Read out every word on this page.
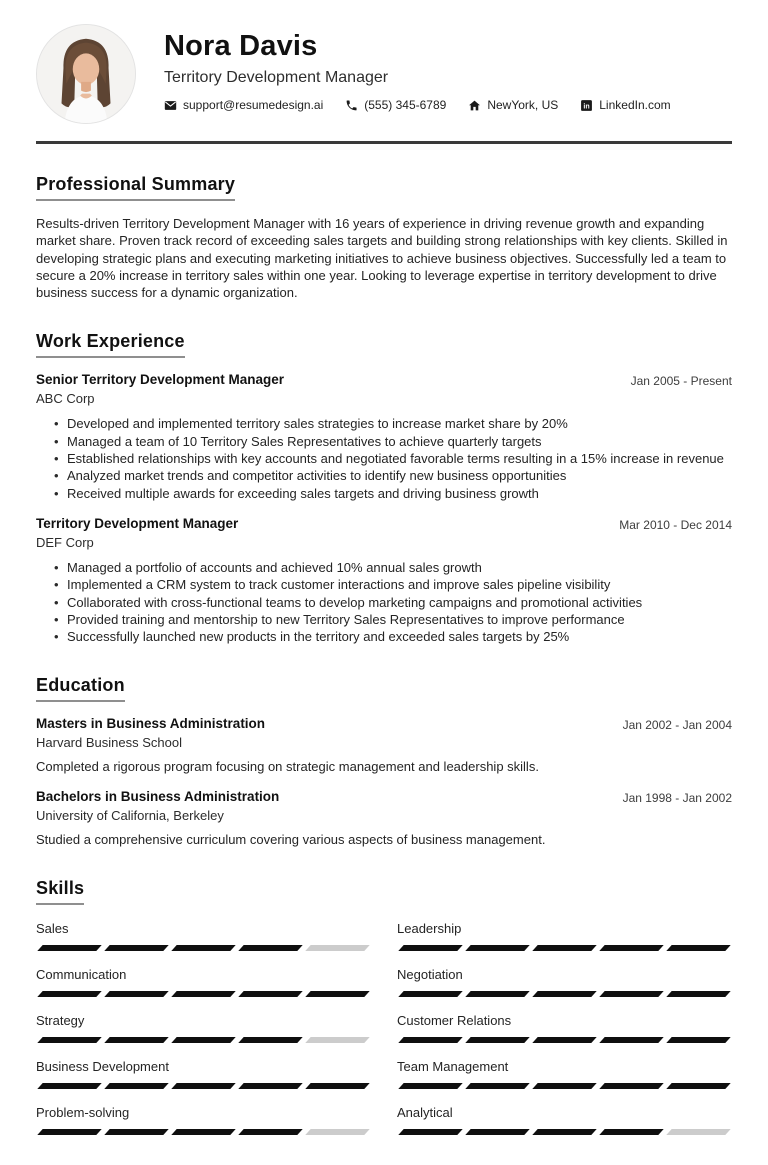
Nora Davis
Territory Development Manager
support@resumedesign.ai	(555) 345-6789	NewYork, US in LinkedIn.com
Professional Summary
Results-driven Territory Development Manager with 16 years of experience in driving revenue growth and expanding market share. Proven track record of exceeding sales targets and building strong relationships with key clients. Skilled in developing strategic plans and executing marketing initiatives to achieve business objectives. Successfully led a team to secure a 20% increase in territory sales within one year. Looking to leverage expertise in territory development to drive business success for a dynamic organization.
Work Experience
Senior Territory Development Manager
ABC Corp
Jan 2005 - Present
• Developed and implemented territory sales strategies to increase market share by 20%
• Managed a team of 10 Territory Sales Representatives to achieve quarterly targets
• Established relationships with key accounts and negotiated favorable terms resulting in a 15% increase in revenue
• Analyzed market trends and competitor activities to identify new business opportunities
• Received multiple awards for exceeding sales targets and driving business growth
Territory Development Manager
DEF Corp
Mar 2010 - Dec 2014
• Managed a portfolio of accounts and achieved 10% annual sales growth
• Implemented a CRM system to track customer interactions and improve sales pipeline visibility
• Collaborated with cross-functional teams to develop marketing campaigns and promotional activities
• Provided training and mentorship to new Territory Sales Representatives to improve performance
• Successfully launched new products in the territory and exceeded sales targets by 25%
Education
Masters in Business Administration
Harvard Business School
Jan 2002 - Jan 2004
Completed a rigorous program focusing on strategic management and leadership skills.
Bachelors in Business Administration
University of California, Berkeley
Jan 1998 - Jan 2002
Studied a comprehensive curriculum covering various aspects of business management.
Skills
Sales	Leadership
Communication	Negotiation
Strategy	Customer Relations
Business Development	Team Management
Problem-solving	Analytical
